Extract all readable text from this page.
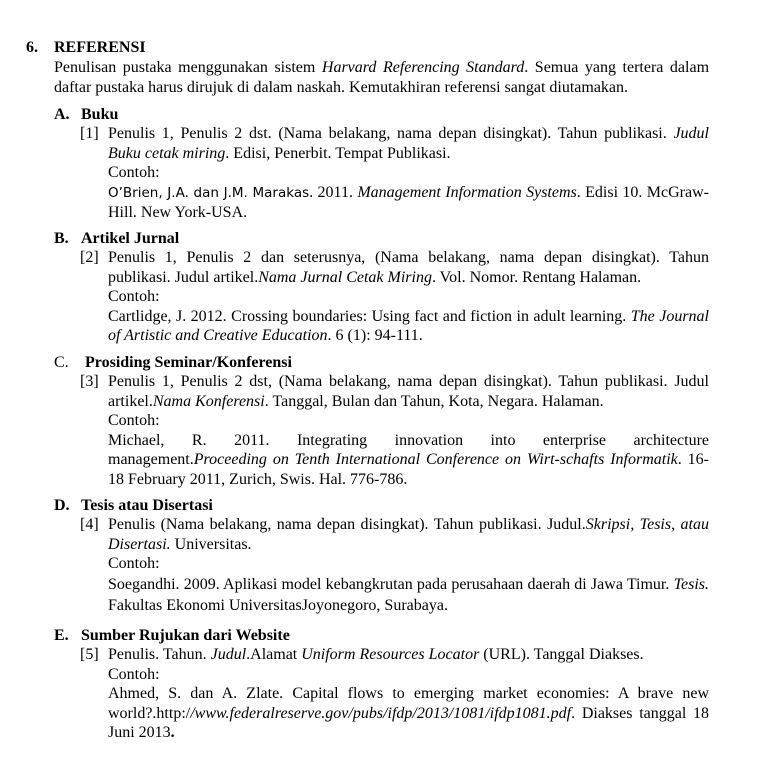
6. REFERENSI
Penulisan pustaka menggunakan sistem Harvard Referencing Standard. Semua yang tertera dalam daftar pustaka harus dirujuk di dalam naskah. Kemutakhiran referensi sangat diutamakan.
A. Buku
[1] Penulis 1, Penulis 2 dst. (Nama belakang, nama depan disingkat). Tahun publikasi. Judul Buku cetak miring. Edisi, Penerbit. Tempat Publikasi.

Contoh:

O’Brien, J.A. dan J.M. Marakas. 2011. Management Information Systems. Edisi 10. McGraw-Hill. New York-USA.

B. Artikel Jurnal
[2] Penulis 1, Penulis 2 dan seterusnya, (Nama belakang, nama depan disingkat). Tahun publikasi. Judul artikel.Nama Jurnal Cetak Miring. Vol. Nomor. Rentang Halaman.

Contoh:

Cartlidge, J. 2012. Crossing boundaries: Using fact and fiction in adult learning. The Journal of Artistic and Creative Education. 6 (1): 94-111.

C. Prosiding Seminar/Konferensi
[3] Penulis 1, Penulis 2 dst, (Nama belakang, nama depan disingkat). Tahun publikasi. Judul artikel.Nama Konferensi. Tanggal, Bulan dan Tahun, Kota, Negara. Halaman.

Contoh:

Michael, R. 2011. Integrating innovation into enterprise architecture

management.Proceeding on Tenth International Conference on Wirt-schafts Informatik. 16-18 February 2011, Zurich, Swis. Hal. 776-786.

D. Tesis atau Disertasi
[4] Penulis (Nama belakang, nama depan disingkat). Tahun publikasi. Judul.Skripsi, Tesis, atau Disertasi. Universitas.

Contoh:

Soegandhi. 2009. Aplikasi model kebangkrutan pada perusahaan daerah di Jawa Timur. Tesis. Fakultas Ekonomi UniversitasJoyonegoro, Surabaya.

E. Sumber Rujukan dari Website
[5] Penulis. Tahun. Judul.Alamat Uniform Resources Locator (URL). Tanggal Diakses.

Contoh:

Ahmed, S. dan A. Zlate. Capital flows to emerging market economies: A brave new world?.http://www.federalreserve.gov/pubs/ifdp/2013/1081/ifdp1081.pdf. Diakses tanggal 18 Juni 2013.
